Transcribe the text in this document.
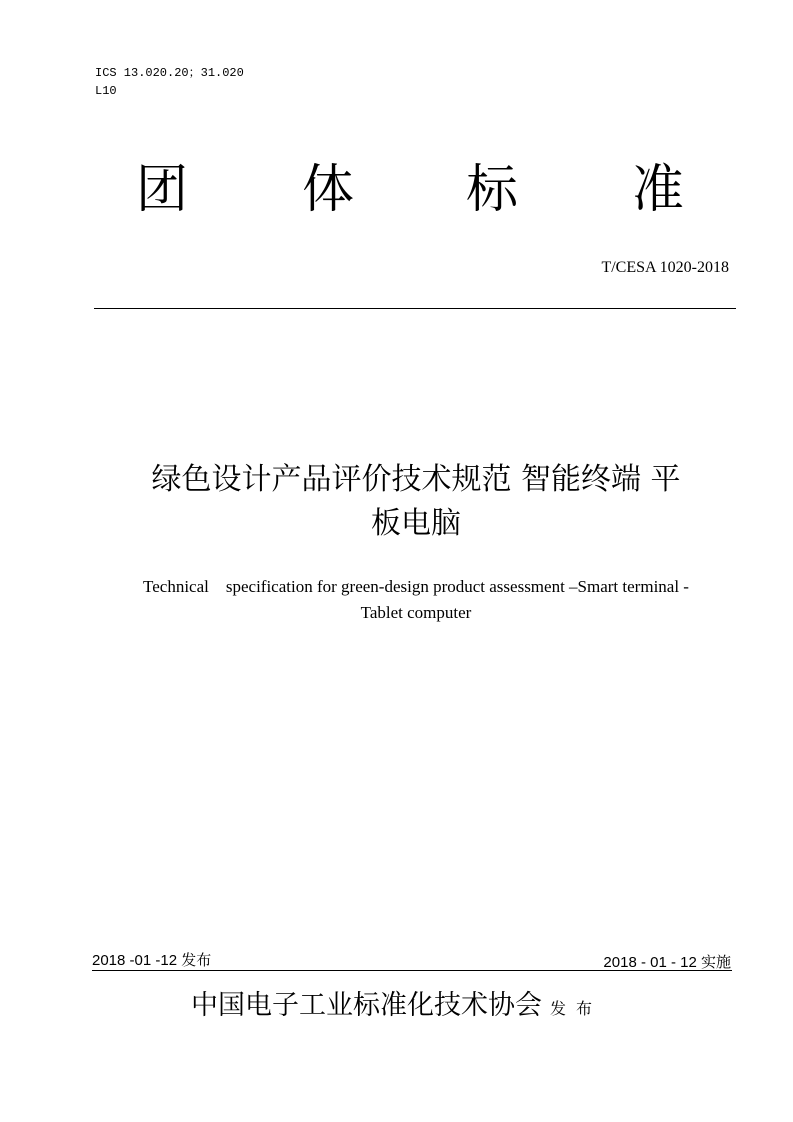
ICS 13.020.20；31.020
L10
团 体 标 准
T/CESA 1020-2018
绿色设计产品评价技术规范 智能终端 平
板电脑
Technical    specification for green-design product assessment –Smart terminal -
Tablet computer
2018 -01 -12 发布	2018 - 01 - 12 实施
中国电子工业标准化技术协会 发布
